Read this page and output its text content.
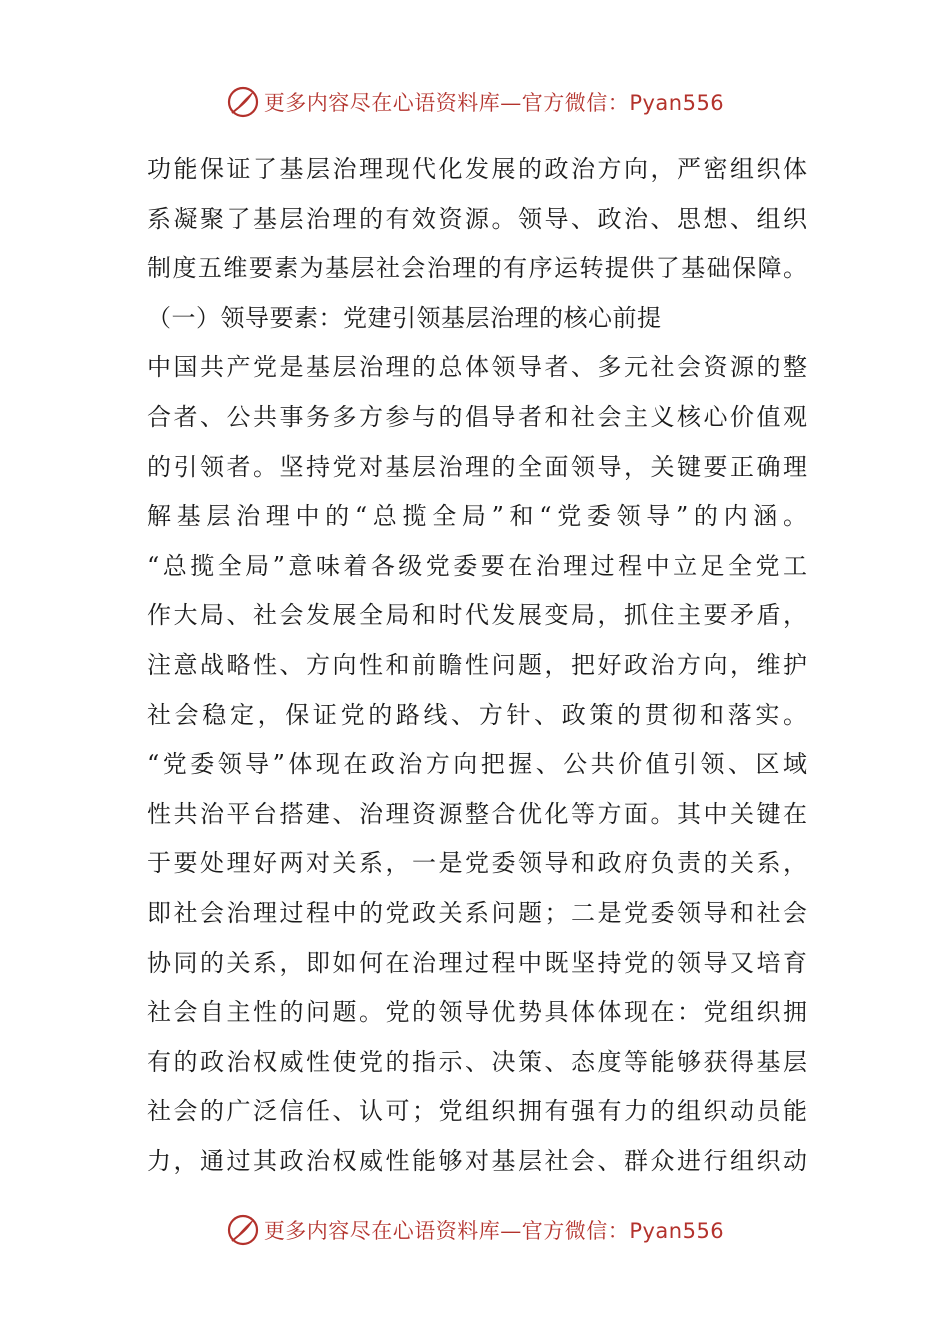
更多内容尽在心语资料库—官方微信：Pyan556
功能保证了基层治理现代化发展的政治方向，严密组织体
系凝聚了基层治理的有效资源。领导、政治、思想、组织
制度五维要素为基层社会治理的有序运转提供了基础保障。
（一）领导要素：党建引领基层治理的核心前提
中国共产党是基层治理的总体领导者、多元社会资源的整
合者、公共事务多方参与的倡导者和社会主义核心价值观
的引领者。坚持党对基层治理的全面领导，关键要正确理
解基层治理中的“总揽全局”和“党委领导”的内涵。
“总揽全局”意味着各级党委要在治理过程中立足全党工
作大局、社会发展全局和时代发展变局，抓住主要矛盾，
注意战略性、方向性和前瞻性问题，把好政治方向，维护
社会稳定，保证党的路线、方针、政策的贯彻和落实。
“党委领导”体现在政治方向把握、公共价值引领、区域
性共治平台搭建、治理资源整合优化等方面。其中关键在
于要处理好两对关系，一是党委领导和政府负责的关系，
即社会治理过程中的党政关系问题；二是党委领导和社会
协同的关系，即如何在治理过程中既坚持党的领导又培育
社会自主性的问题。党的领导优势具体体现在：党组织拥
有的政治权威性使党的指示、决策、态度等能够获得基层
社会的广泛信任、认可；党组织拥有强有力的组织动员能
力，通过其政治权威性能够对基层社会、群众进行组织动
更多内容尽在心语资料库—官方微信：Pyan556
